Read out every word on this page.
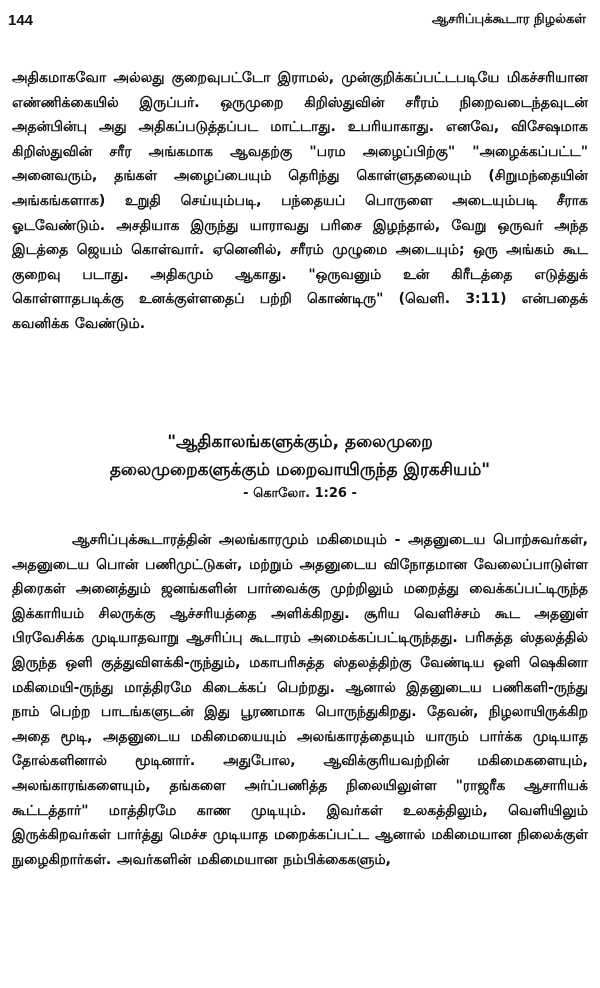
144	ஆசரிப்புக்கூடார நிழல்கள்

அதிகமாகவோ அல்லது குறைவுபட்டோ இராமல், முன்குறிக்கப்பட்டபடியே மிகச்சரியான எண்ணிக்கையில் இருப்பர். ஒருமுறை கிறிஸ்துவின் சரீரம் நிறைவடைந்தவுடன் அதன்பின்பு அது அதிகப்படுத்தப்பட மாட்டாது. உபரியாகாது. எனவே, விசேஷமாக கிறிஸ்துவின் சரீர அங்கமாக ஆவதற்கு "பரம அழைப்பிற்கு" "அழைக்கப்பட்ட" அனைவரும், தங்கள் அழைப்பையும் தெரிந்து கொள்ளுதலையும் (சிறுமந்தையின் அங்கங்களாக) உறுதி செய்யும்படி, பந்தையப் பொருளை அடையும்படி சீராக ஓடவேண்டும். அசதியாக இருந்து யாராவது பரிசை இழந்தால், வேறு ஒருவர் அந்த இடத்தை ஜெயம் கொள்வார். ஏனெனில், சரீரம் முழுமை அடையும்; ஒரு அங்கம் கூட குறைவு படாது. அதிகமும் ஆகாது. "ஒருவனும் உன் கிரீடத்தை எடுத்துக் கொள்ளாதபடிக்கு உனக்குள்ளதைப் பற்றி கொண்டிரு" (வெளி. 3:11) என்பதைக் கவனிக்க வேண்டும்.

"ஆதிகாலங்களுக்கும், தலைமுறை
தலைமுறைகளுக்கும் மறைவாயிருந்த இரகசியம்"
- கொலோ. 1:26 -

ஆசரிப்புக்கூடாரத்தின் அலங்காரமும் மகிமையும் - அதனுடைய பொற்சுவர்கள், அதனுடைய பொன் பணிமுட்டுகள், மற்றும் அதனுடைய விநோதமான வேலைப்பாடுள்ள திரைகள் அனைத்தும் ஜனங்களின் பார்வைக்கு முற்றிலும் மறைத்து வைக்கப்பட்டிருந்த இக்காரியம் சிலருக்கு ஆச்சரியத்தை அளிக்கிறது. சூரிய வெளிச்சம் கூட அதனுள் பிரவேசிக்க முடியாதவாறு ஆசரிப்பு கூடாரம் அமைக்கப்பட்டிருந்தது. பரிசுத்த ஸ்தலத்தில் இருந்த ஒளி குத்துவிளக்கி-ருந்தும், மகாபரிசுத்த ஸ்தலத்திற்கு வேண்டிய ஒளி ஷெகினா மகிமையி-ருந்து மாத்திரமே கிடைக்கப் பெற்றது. ஆனால் இதனுடைய பணிகளி-ருந்து நாம் பெற்ற பாடங்களுடன் இது பூரணமாக பொருந்துகிறது. தேவன், நிழலாயிருக்கிற அதை மூடி, அதனுடைய மகிமையையும் அலங்காரத்தையும் யாரும் பார்க்க முடியாத தோல்களினால் மூடினார். அதுபோல, ஆவிக்குரியவற்றின் மகிமைகளையும், அலங்காரங்களையும், தங்களை அர்ப்பணித்த நிலையிலுள்ள "ராஜரீக ஆசாரியக் கூட்டத்தார்" மாத்திரமே காண முடியும். இவர்கள் உலகத்திலும், வெளியிலும் இருக்கிறவர்கள் பார்த்து மெச்ச முடியாத மறைக்கப்பட்ட ஆனால் மகிமையான நிலைக்குள் நுழைகிறார்கள். அவர்களின் மகிமையான நம்பிக்கைகளும்,
